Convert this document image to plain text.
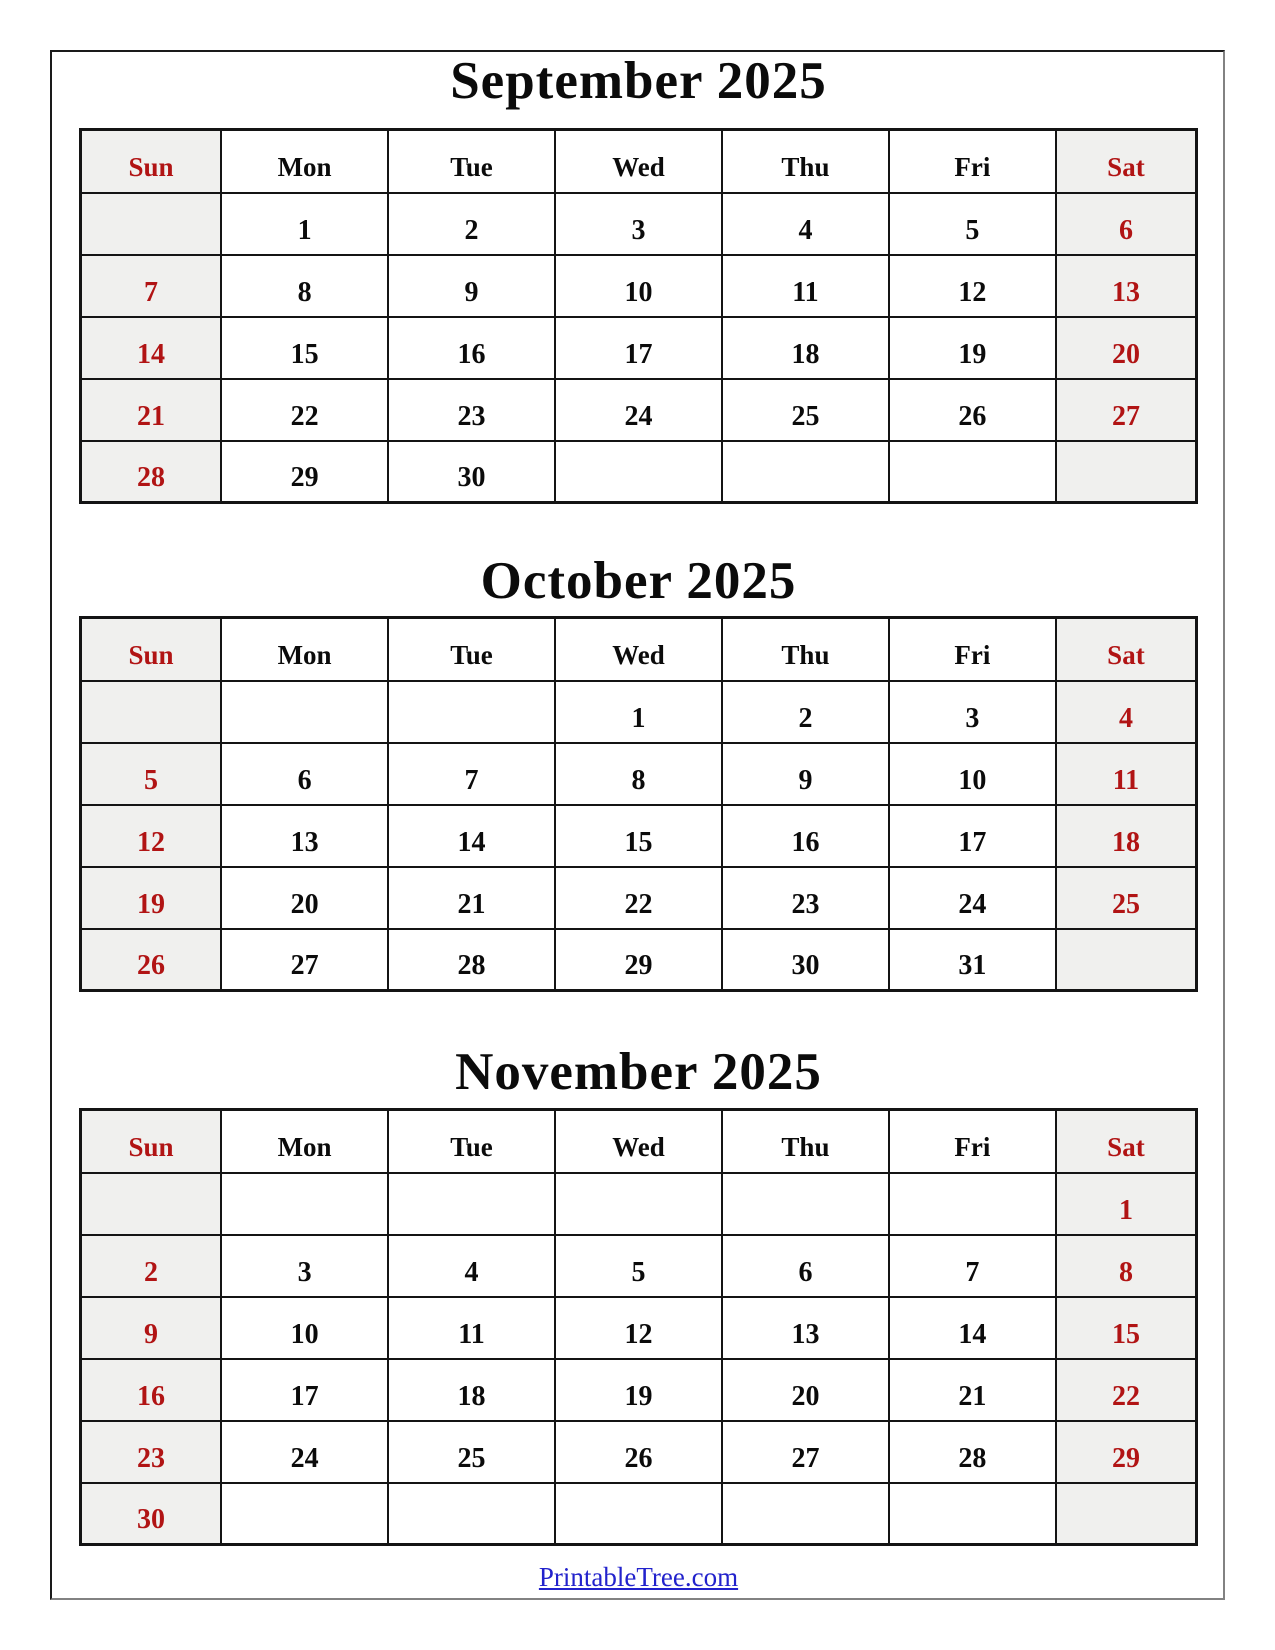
September 2025
Sun	Mon	Tue	Wed	Thu	Fri	Sat
	1	2	3	4	5	6
7	8	9	10	11	12	13
14	15	16	17	18	19	20
21	22	23	24	25	26	27
28	29	30				
October 2025
Sun	Mon	Tue	Wed	Thu	Fri	Sat
			1	2	3	4
5	6	7	8	9	10	11
12	13	14	15	16	17	18
19	20	21	22	23	24	25
26	27	28	29	30	31	
November 2025
Sun	Mon	Tue	Wed	Thu	Fri	Sat
						1
2	3	4	5	6	7	8
9	10	11	12	13	14	15
16	17	18	19	20	21	22
23	24	25	26	27	28	29
30						
PrintableTree.com
